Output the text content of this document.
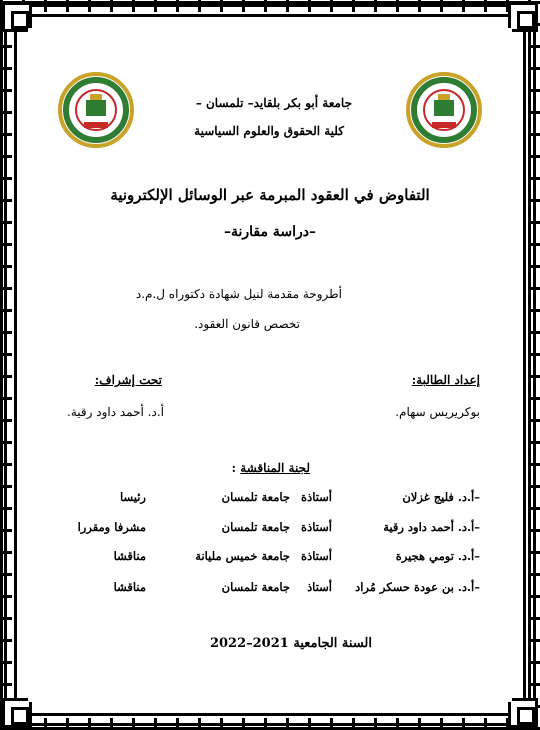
جامعة أبو بكر بلقايد– تلمسان –
كلية الحقوق والعلوم السياسية
التفاوض في العقود المبرمة عبر الوسائل الإلكترونية
–دراسة مقارنة–
أطروحة مقدمة لنيل شهادة دكتوراه ل.م.د
تخصص قانون العقود.
إعداد الطالبة:
بوكريريس سهام.
تحت إشراف:
أ.د. أحمد داود رقية.
لجنة المناقشة :
–أ.د. فليج غزلان
أستاذة
جامعة تلمسان
رئيسا
–أ.د. أحمد داود رقية
أستاذة
جامعة تلمسان
مشرفا ومقررا
–أ.د. تومي هجيرة
أستاذة
جامعة خميس مليانة
مناقشا
–أ.د. بن عودة حسكر مُراد
أستاذ
جامعة تلمسان
مناقشا
السنة الجامعية 2021–2022
